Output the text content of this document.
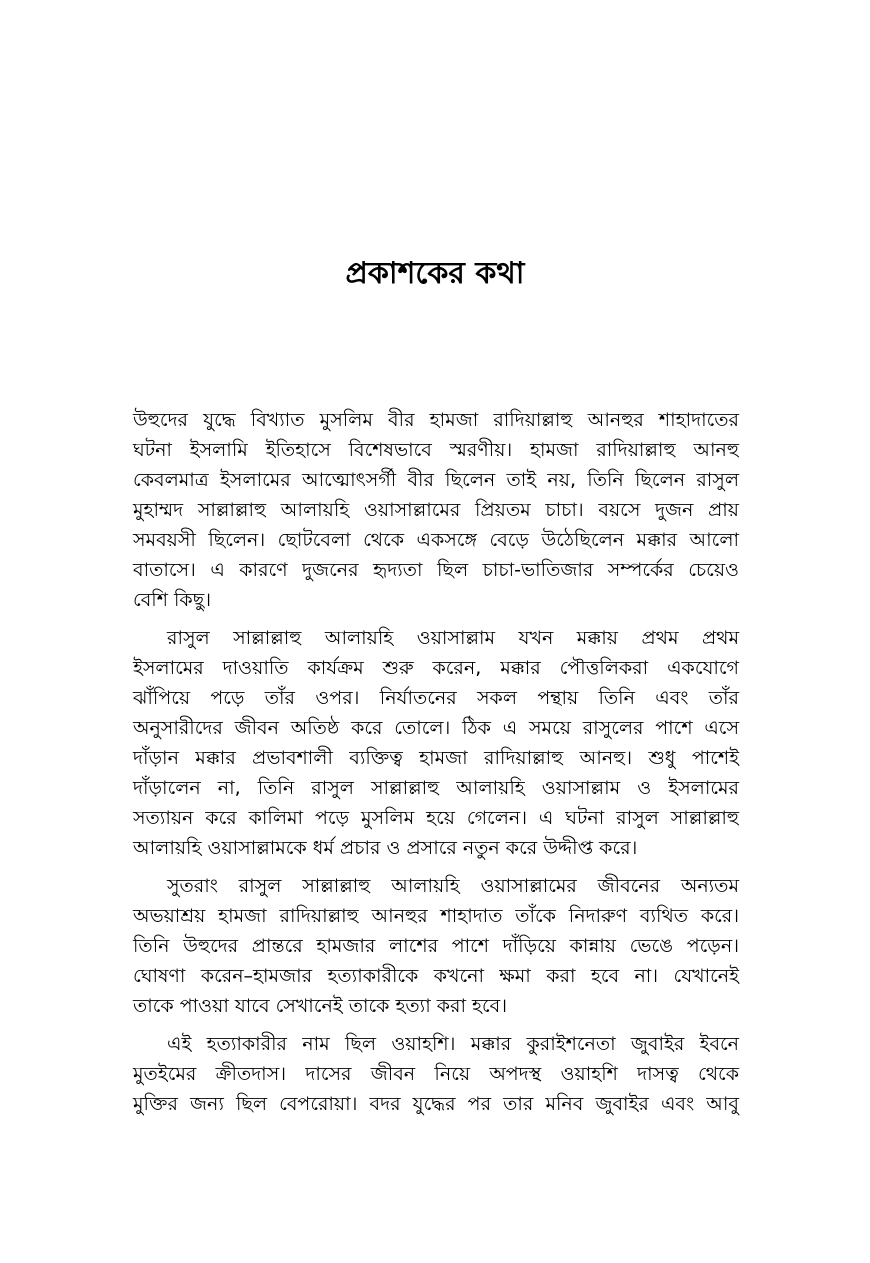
প্রকাশকের কথা

উহুদের যুদ্ধে বিখ্যাত মুসলিম বীর হামজা রাদিয়াল্লাহু আনহুর শাহাদাতের
ঘটনা ইসলামি ইতিহাসে বিশেষভাবে স্মরণীয়। হামজা রাদিয়াল্লাহু আনহু
কেবলমাত্র ইসলামের আত্মোৎসর্গী বীর ছিলেন তাই নয়, তিনি ছিলেন রাসুল
মুহাম্মদ সাল্লাল্লাহু আলায়হি ওয়াসাল্লামের প্রিয়তম চাচা। বয়সে দুজন প্রায়
সমবয়সী ছিলেন। ছোটবেলা থেকে একসঙ্গে বেড়ে উঠেছিলেন মক্কার আলো
বাতাসে। এ কারণে দুজনের হৃদ্যতা ছিল চাচা-ভাতিজার সম্পর্কের চেয়েও
বেশি কিছু।

রাসুল সাল্লাল্লাহু আলায়হি ওয়াসাল্লাম যখন মক্কায় প্রথম প্রথম
ইসলামের দাওয়াতি কার্যক্রম শুরু করেন, মক্কার পৌত্তলিকরা একযোগে
ঝাঁপিয়ে পড়ে তাঁর ওপর। নির্যাতনের সকল পন্থায় তিনি এবং তাঁর
অনুসারীদের জীবন অতিষ্ঠ করে তোলে। ঠিক এ সময়ে রাসুলের পাশে এসে
দাঁড়ান মক্কার প্রভাবশালী ব্যক্তিত্ব হামজা রাদিয়াল্লাহু আনহু। শুধু পাশেই
দাঁড়ালেন না, তিনি রাসুল সাল্লাল্লাহু আলায়হি ওয়াসাল্লাম ও ইসলামের
সত্যায়ন করে কালিমা পড়ে মুসলিম হয়ে গেলেন। এ ঘটনা রাসুল সাল্লাল্লাহু
আলায়হি ওয়াসাল্লামকে ধর্ম প্রচার ও প্রসারে নতুন করে উদ্দীপ্ত করে।

সুতরাং রাসুল সাল্লাল্লাহু আলায়হি ওয়াসাল্লামের জীবনের অন্যতম
অভয়াশ্রয় হামজা রাদিয়াল্লাহু আনহুর শাহাদাত তাঁকে নিদারুণ ব্যথিত করে।
তিনি উহুদের প্রান্তরে হামজার লাশের পাশে দাঁড়িয়ে কান্নায় ভেঙে পড়েন।
ঘোষণা করেন–হামজার হত্যাকারীকে কখনো ক্ষমা করা হবে না। যেখানেই
তাকে পাওয়া যাবে সেখানেই তাকে হত্যা করা হবে।

এই হত্যাকারীর নাম ছিল ওয়াহশি। মক্কার কুরাইশনেতা জুবাইর ইবনে
মুতইমের ক্রীতদাস। দাসের জীবন নিয়ে অপদস্থ ওয়াহশি দাসত্ব থেকে
মুক্তির জন্য ছিল বেপরোয়া। বদর যুদ্ধের পর তার মনিব জুবাইর এবং আবু
